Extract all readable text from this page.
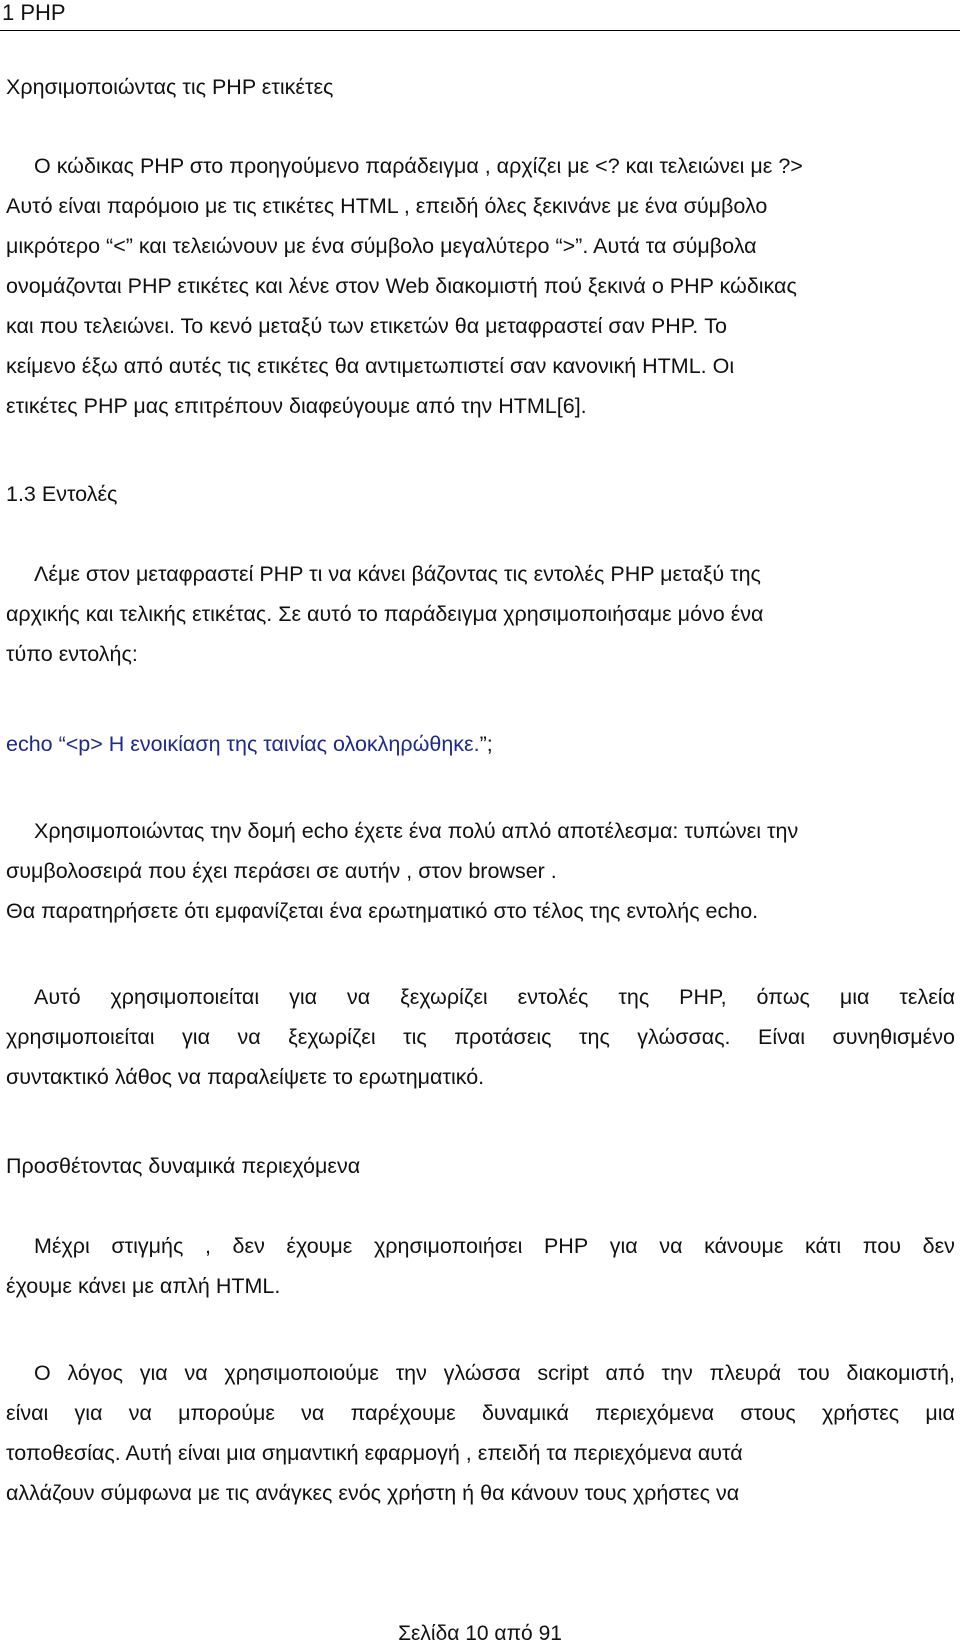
1 PHP
Χρησιμοποιώντας τις PHP ετικέτες
Ο κώδικας PHP στο προηγούμενο παράδειγμα , αρχίζει με <? και τελειώνει με ?>
Αυτό είναι παρόμοιο με τις ετικέτες HTML , επειδή όλες ξεκινάνε με ένα σύμβολο
μικρότερο “<” και τελειώνουν με ένα σύμβολο μεγαλύτερο “>”. Αυτά τα σύμβολα
ονομάζονται PHP ετικέτες και λένε στον Web διακομιστή πού ξεκινά ο PHP κώδικας
και που τελειώνει. Το κενό μεταξύ των ετικετών θα μεταφραστεί σαν PHP. Το
κείμενο έξω από αυτές τις ετικέτες θα αντιμετωπιστεί σαν κανονική HTML. Οι
ετικέτες PHP μας επιτρέπουν διαφεύγουμε από την HTML[6].
1.3 Εντολές
Λέμε στον μεταφραστεί PHP τι να κάνει βάζοντας τις εντολές PHP μεταξύ της
αρχικής και τελικής ετικέτας. Σε αυτό το παράδειγμα χρησιμοποιήσαμε μόνο ένα
τύπο εντολής:
echo “<p> Η ενοικίαση της ταινίας ολοκληρώθηκε.”;
Χρησιμοποιώντας την δομή echo έχετε ένα πολύ απλό αποτέλεσμα: τυπώνει την
συμβολοσειρά που έχει περάσει σε αυτήν , στον browser .
Θα παρατηρήσετε ότι εμφανίζεται ένα ερωτηματικό στο τέλος της εντολής echo.
Αυτό χρησιμοποιείται για να ξεχωρίζει εντολές της PHP, όπως μια τελεία
χρησιμοποιείται για να ξεχωρίζει τις προτάσεις της γλώσσας. Είναι συνηθισμένο
συντακτικό λάθος να παραλείψετε το ερωτηματικό.
Προσθέτοντας δυναμικά περιεχόμενα
Μέχρι στιγμής , δεν έχουμε χρησιμοποιήσει PHP για να κάνουμε κάτι που δεν
έχουμε κάνει με απλή HTML.
Ο λόγος για να χρησιμοποιούμε την γλώσσα script από την πλευρά του διακομιστή,
είναι για να μπορούμε να παρέχουμε δυναμικά περιεχόμενα στους χρήστες μια
τοποθεσίας. Αυτή είναι μια σημαντική εφαρμογή , επειδή τα περιεχόμενα αυτά
αλλάζουν σύμφωνα με τις ανάγκες ενός χρήστη ή θα κάνουν τους χρήστες να
Σελίδα 10 από 91
